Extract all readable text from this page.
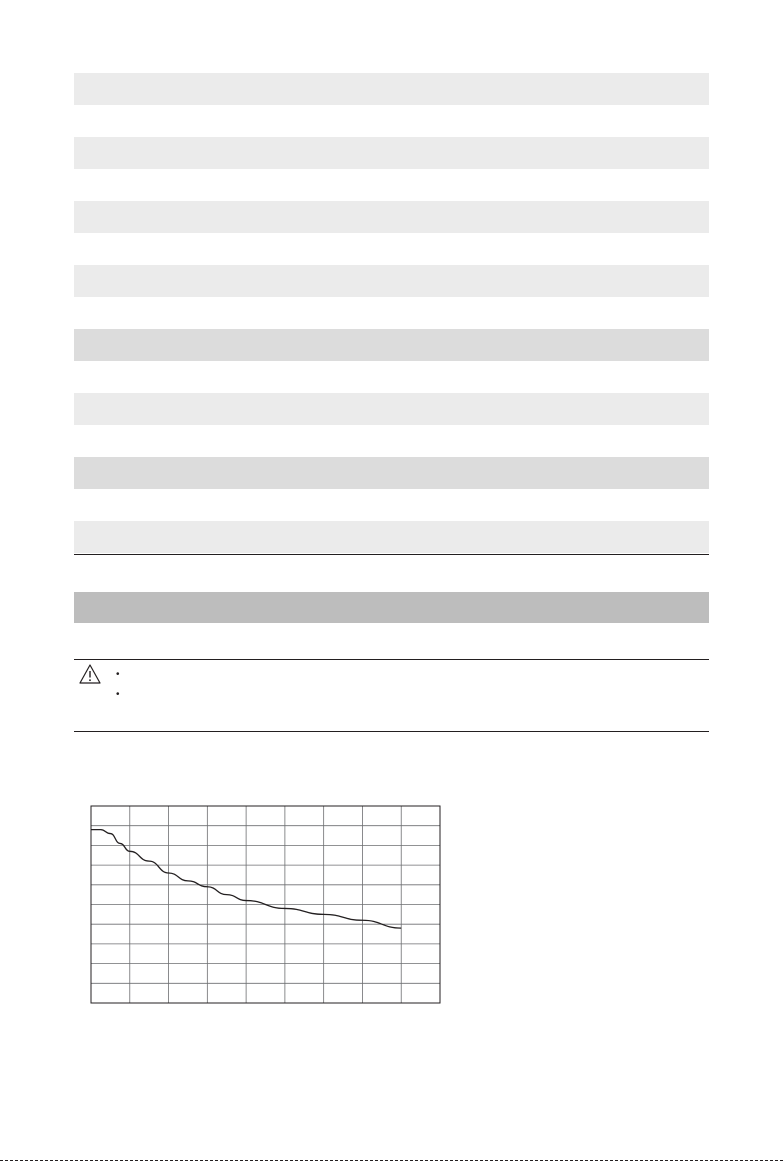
•
•
